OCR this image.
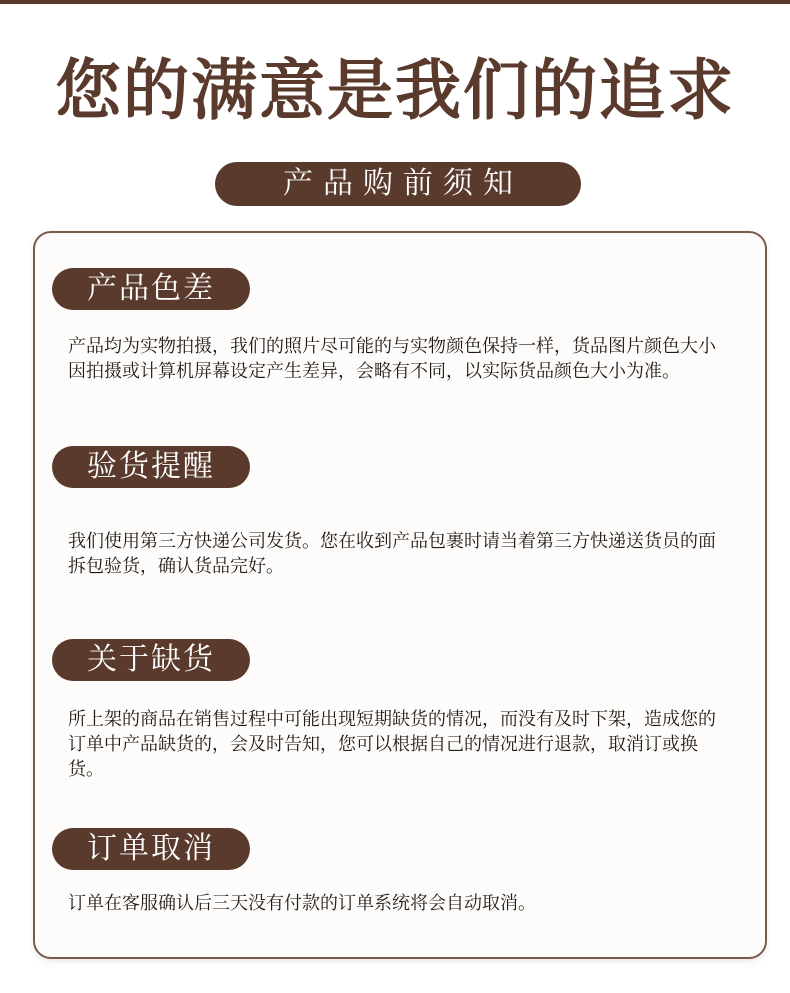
您的满意是我们的追求
产品购前须知
产品色差

产品均为实物拍摄，我们的照片尽可能的与实物颜色保持一样，货品图片颜色大小因拍摄或计算机屏幕设定产生差异，会略有不同，以实际货品颜色大小为准。

验货提醒

我们使用第三方快递公司发货。您在收到产品包裹时请当着第三方快递送货员的面拆包验货，确认货品完好。

关于缺货

所上架的商品在销售过程中可能出现短期缺货的情况，而没有及时下架，造成您的订单中产品缺货的，会及时告知，您可以根据自己的情况进行退款，取消订或换货。

订单取消

订单在客服确认后三天没有付款的订单系统将会自动取消。
